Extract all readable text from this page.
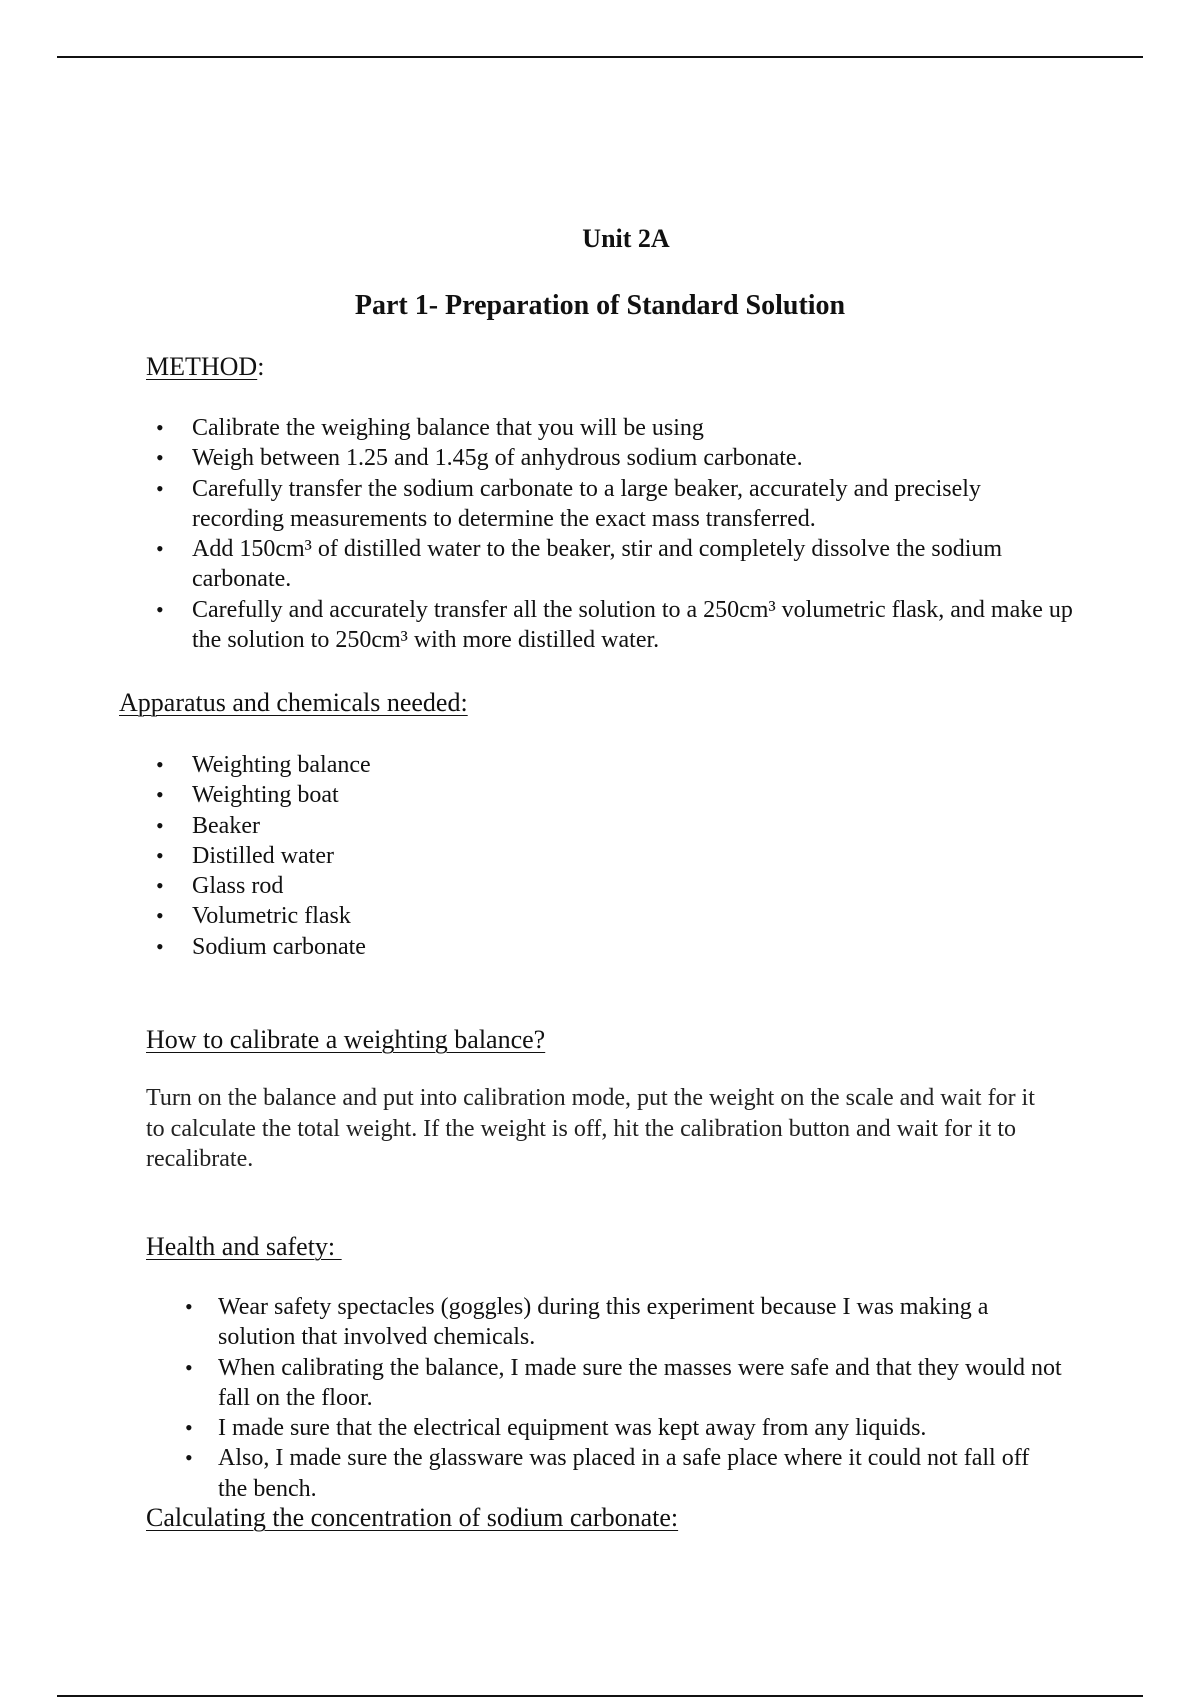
Unit 2A
Part 1- Preparation of Standard Solution
METHOD:
• Calibrate the weighing balance that you will be using
• Weigh between 1.25 and 1.45g of anhydrous sodium carbonate.
• Carefully transfer the sodium carbonate to a large beaker, accurately and precisely recording measurements to determine the exact mass transferred.
• Add 150cm³ of distilled water to the beaker, stir and completely dissolve the sodium carbonate.
• Carefully and accurately transfer all the solution to a 250cm³ volumetric flask, and make up the solution to 250cm³ with more distilled water.
Apparatus and chemicals needed:
• Weighting balance
• Weighting boat
• Beaker
• Distilled water
• Glass rod
• Volumetric flask
• Sodium carbonate
How to calibrate a weighting balance?

Turn on the balance and put into calibration mode, put the weight on the scale and wait for it to calculate the total weight. If the weight is off, hit the calibration button and wait for it to recalibrate.

Health and safety:
• Wear safety spectacles (goggles) during this experiment because I was making a solution that involved chemicals.
• When calibrating the balance, I made sure the masses were safe and that they would not fall on the floor.
• I made sure that the electrical equipment was kept away from any liquids.
• Also, I made sure the glassware was placed in a safe place where it could not fall off the bench.
Calculating the concentration of sodium carbonate:
